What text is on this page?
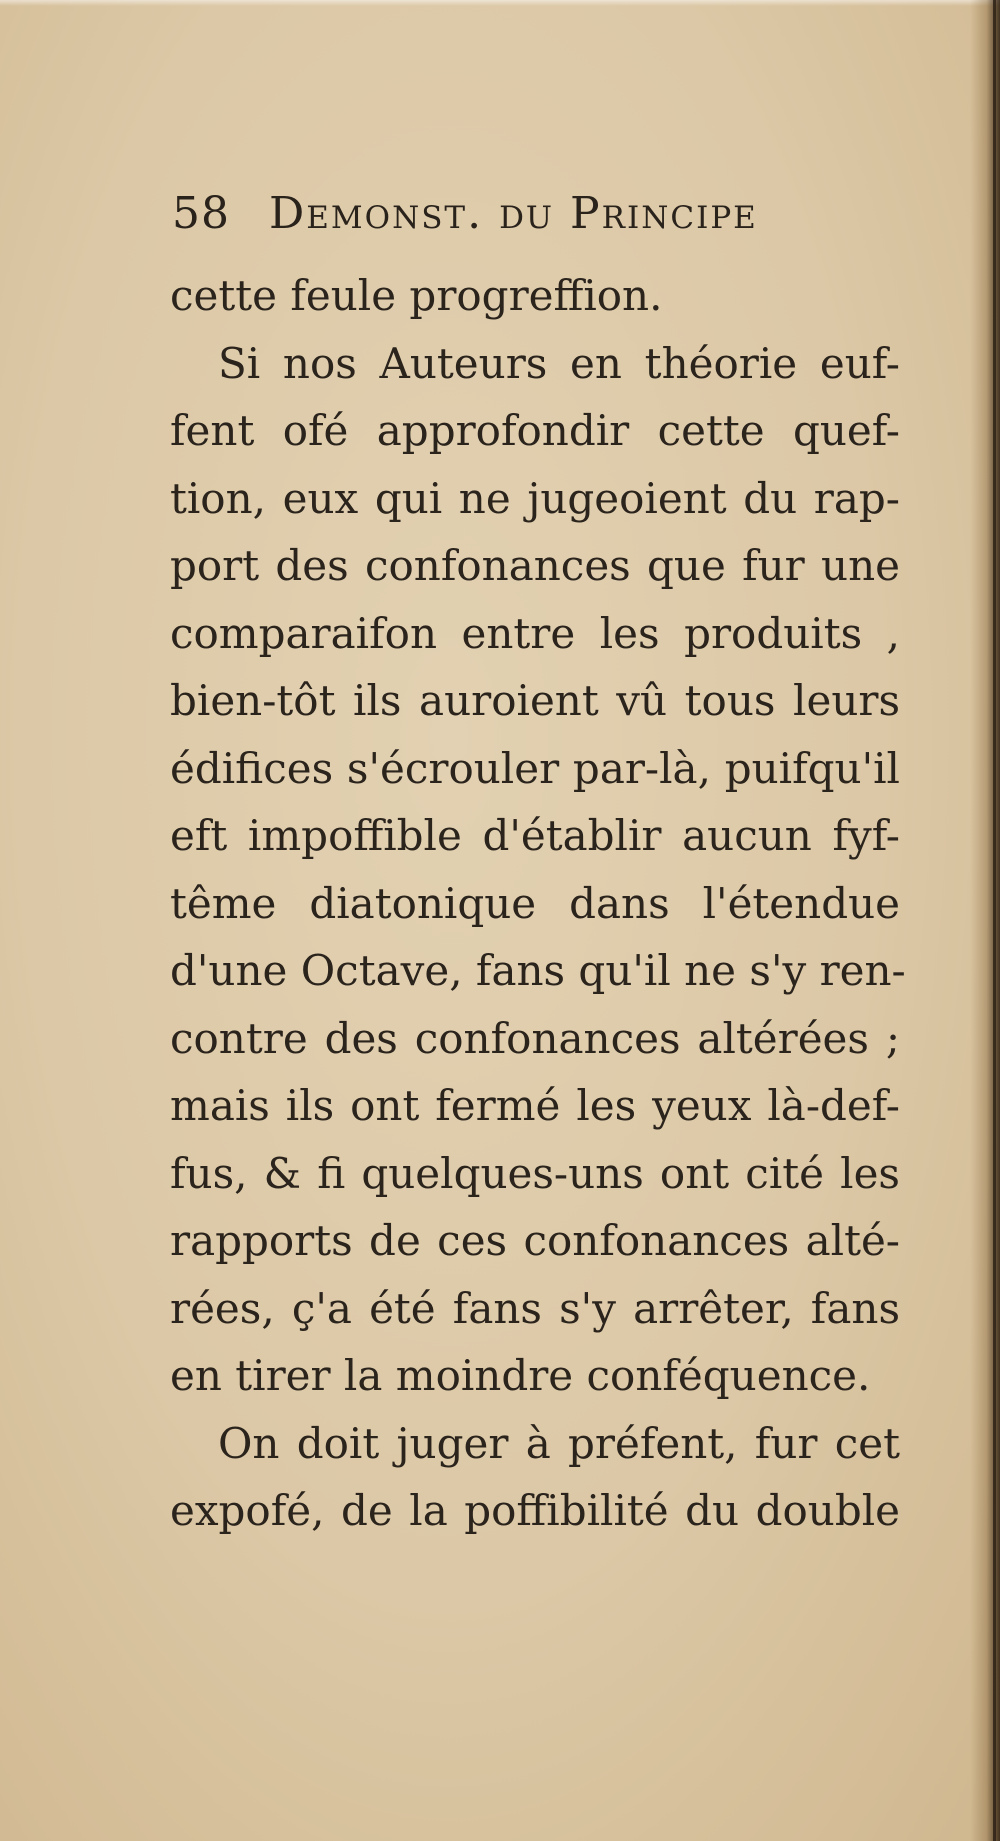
58 Demonst. du Principe
cette feule progreffion.
Si nos Auteurs en théorie euf-
fent ofé approfondir cette quef-
tion, eux qui ne jugeoient du rap-
port des confonances que fur une
comparaifon entre les produits ,
bien-tôt ils auroient vû tous leurs
édifices s'écrouler par-là, puifqu'il
eft impoffible d'établir aucun fyf-
tême diatonique dans l'étendue
d'une Octave, fans qu'il ne s'y ren-
contre des confonances altérées ;
mais ils ont fermé les yeux là-def-
fus, & fi quelques-uns ont cité les
rapports de ces confonances alté-
rées, ç'a été fans s'y arrêter, fans
en tirer la moindre conféquence.
On doit juger à préfent, fur cet
expofé, de la poffibilité du double
